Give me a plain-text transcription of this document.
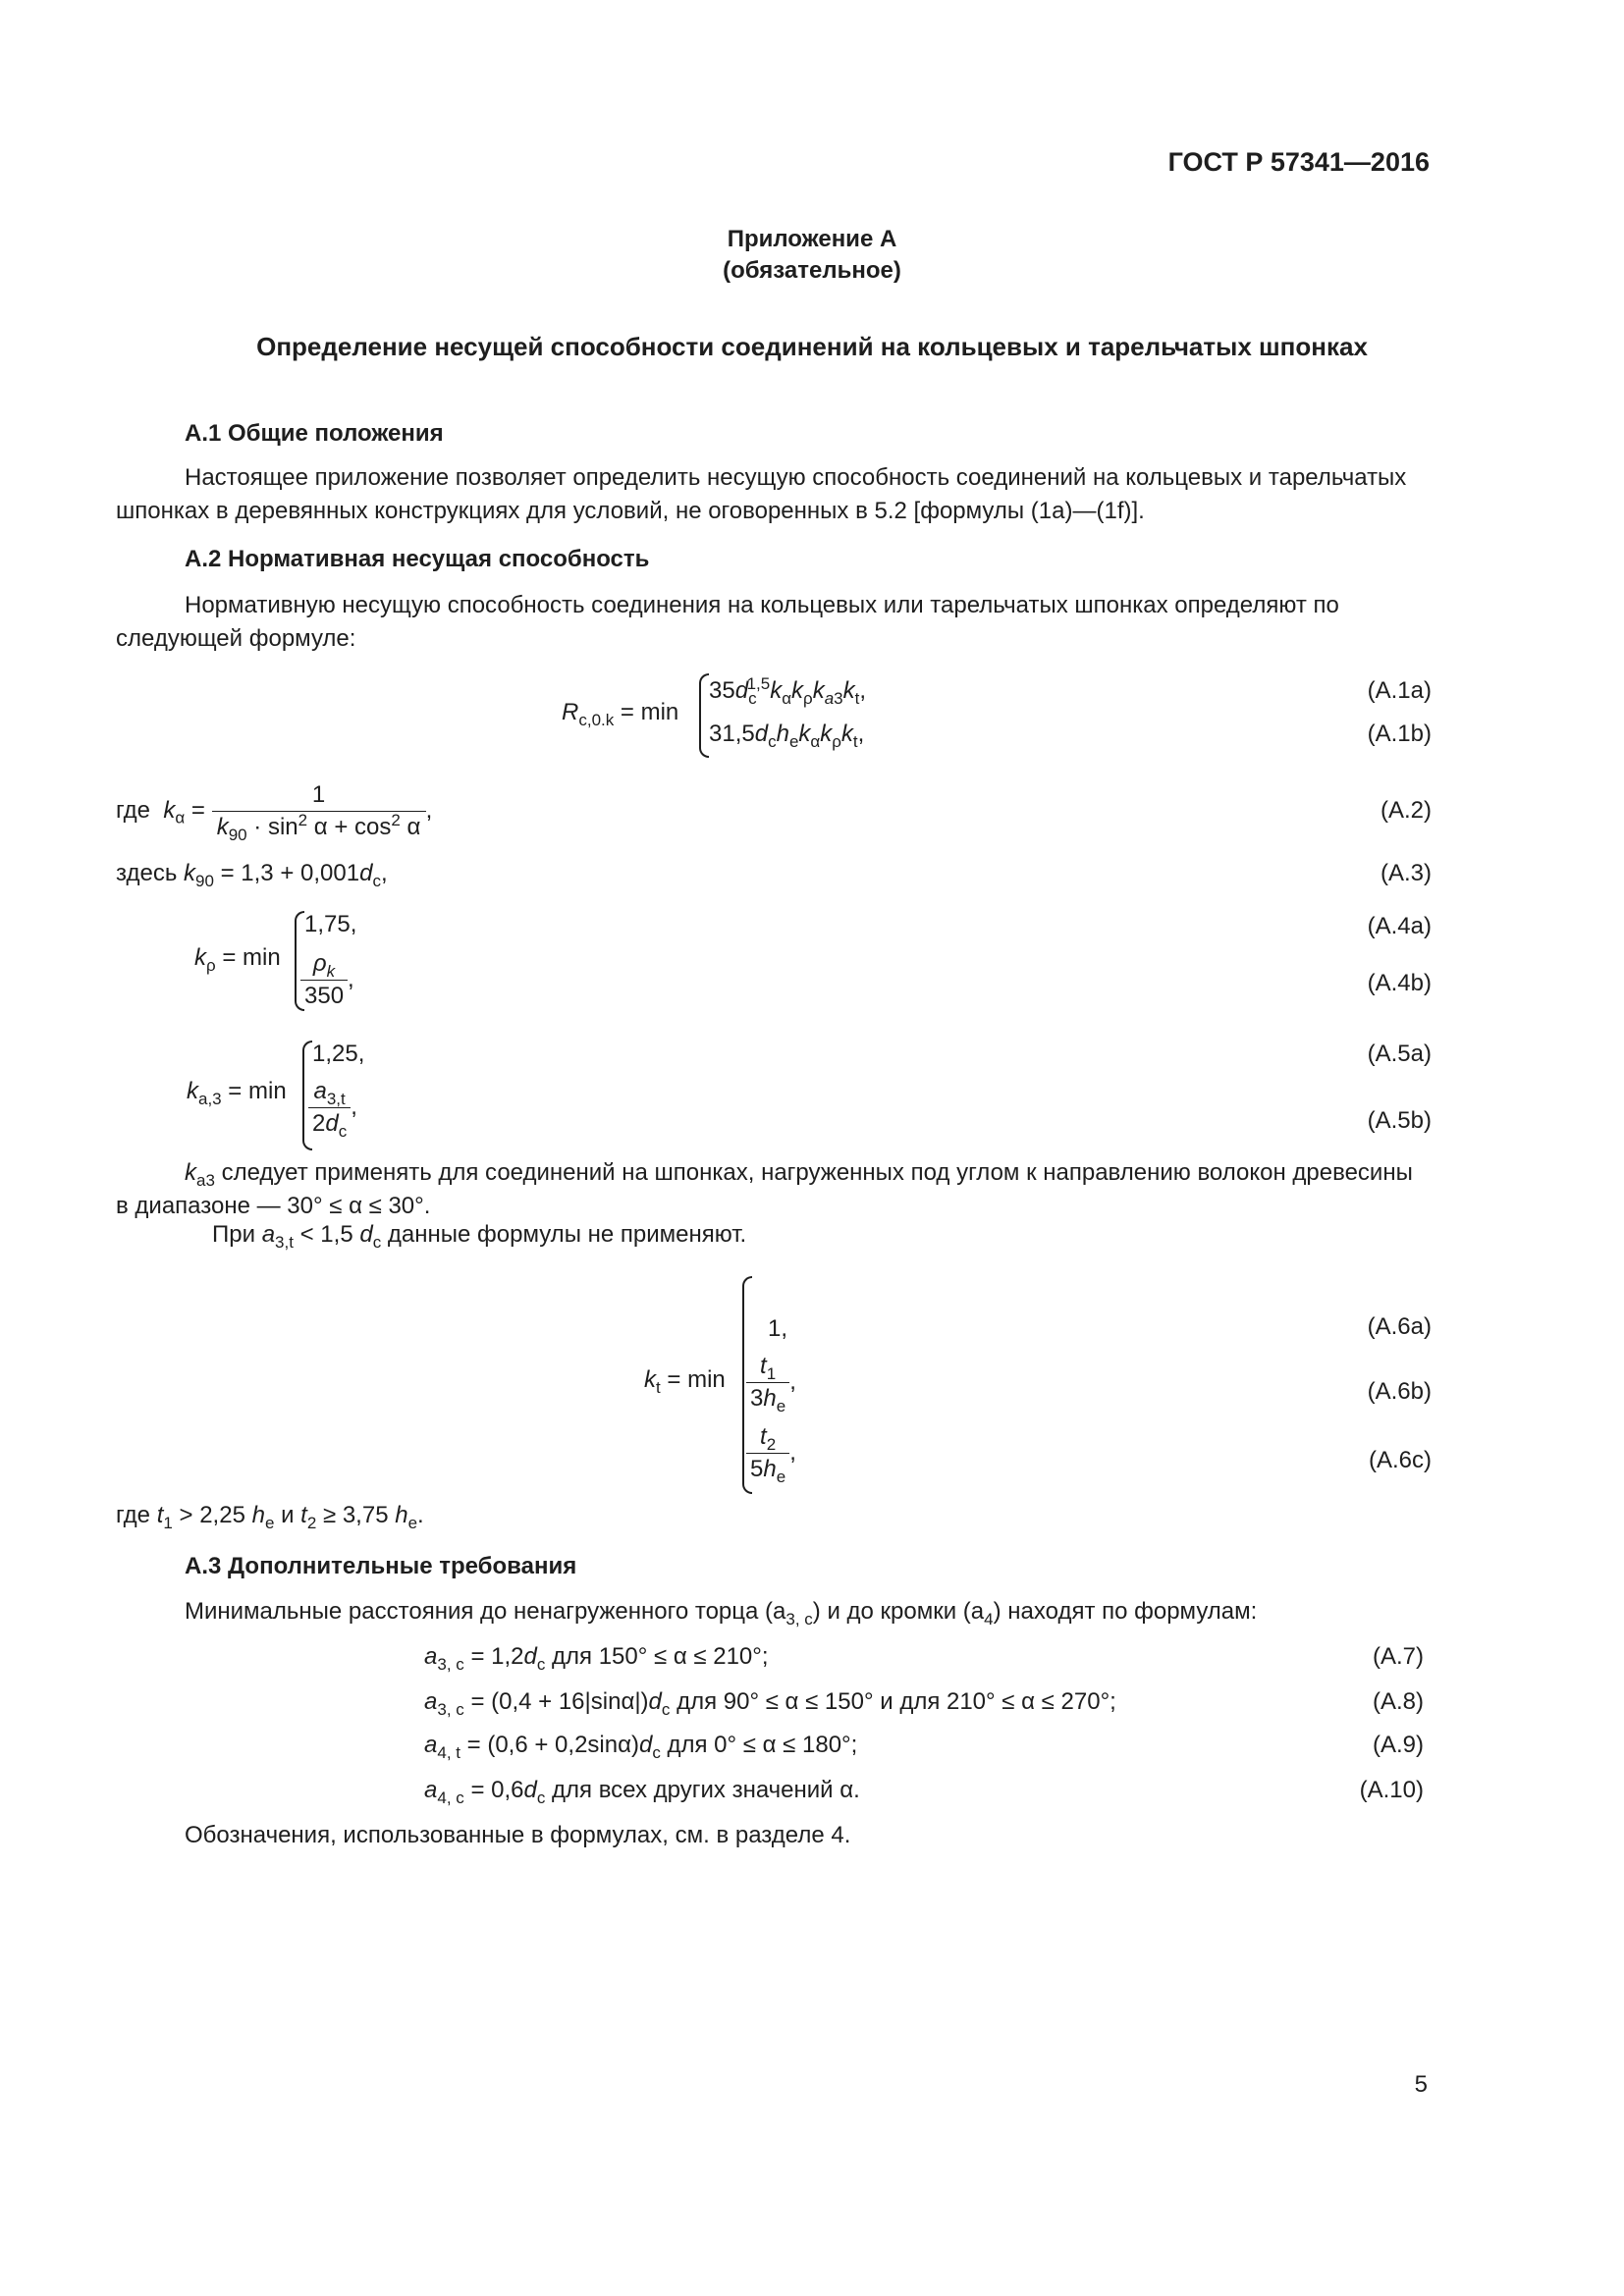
ГОСТ Р 57341—2016
Приложение А
(обязательное)
Определение несущей способности соединений на кольцевых и тарельчатых шпонках
А.1 Общие положения
Настоящее приложение позволяет определить несущую способность соединений на кольцевых и тарельчатых шпонках в деревянных конструкциях для условий, не оговоренных в 5.2 [формулы (1а)—(1f)].
А.2 Нормативная несущая способность
Нормативную несущую способность соединения на кольцевых или тарельчатых шпонках определяют по следующей формуле:
$R_{c,0.k} = \min$
$35d_c^{1,5}k_\alpha k_\rho k_{a3}k_t$,
$31,5d_ch_ek_\alpha k_\rho k_t$,
(А.1а)
(А.1b)
где $k_\alpha = \frac{1}{k_{90} \cdot \sin^2 \alpha + \cos^2 \alpha}$ ,	(А.2)
здесь $k_{90} = 1,3 + 0,001d_c$,	(А.3)
$k_\rho = \min$
1,75,
$\frac{\rho_k}{350}$ ,
(А.4а)
(А.4b)
$k_{a,3} = \min$
1,25,
$\frac{a_{3,t}}{2d_c}$ ,
(А.5а)
(А.5b)
$k_{a3}$ следует применять для соединений на шпонках, нагруженных под углом к направлению волокон древесины в диапазоне — 30° ≤ α ≤ 30°.
При $a_{3,t} < 1,5$ $d_c$ данные формулы не применяют.
$k_t = \min$
1,
$\frac{t_1}{3h_e}$ ,
$\frac{t_2}{5h_e}$ ,
(А.6а)
(А.6b)
(А.6с)
где $t_1 > 2,25$ $h_e$ и $t_2 \ge 3,75$ $h_e$.
А.3 Дополнительные требования
Минимальные расстояния до ненагруженного торца $(a_{3, c})$ и до кромки $(a_4)$ находят по формулам:
$a_{3, c} = 1,2d_c$ для 150° ≤ α ≤ 210°;	(А.7)
$a_{3, c} = (0,4 + 16|\sin\alpha|)d_c$ для 90° ≤ α ≤ 150° и для 210° ≤ α ≤ 270°;	(А.8)
$a_{4, t} = (0,6 + 0,2\sin\alpha)d_c$ для 0° ≤ α ≤ 180°;	(А.9)
$a_{4, c} = 0,6d_c$ для всех других значений α.	(А.10)
Обозначения, использованные в формулах, см. в разделе 4.
5
